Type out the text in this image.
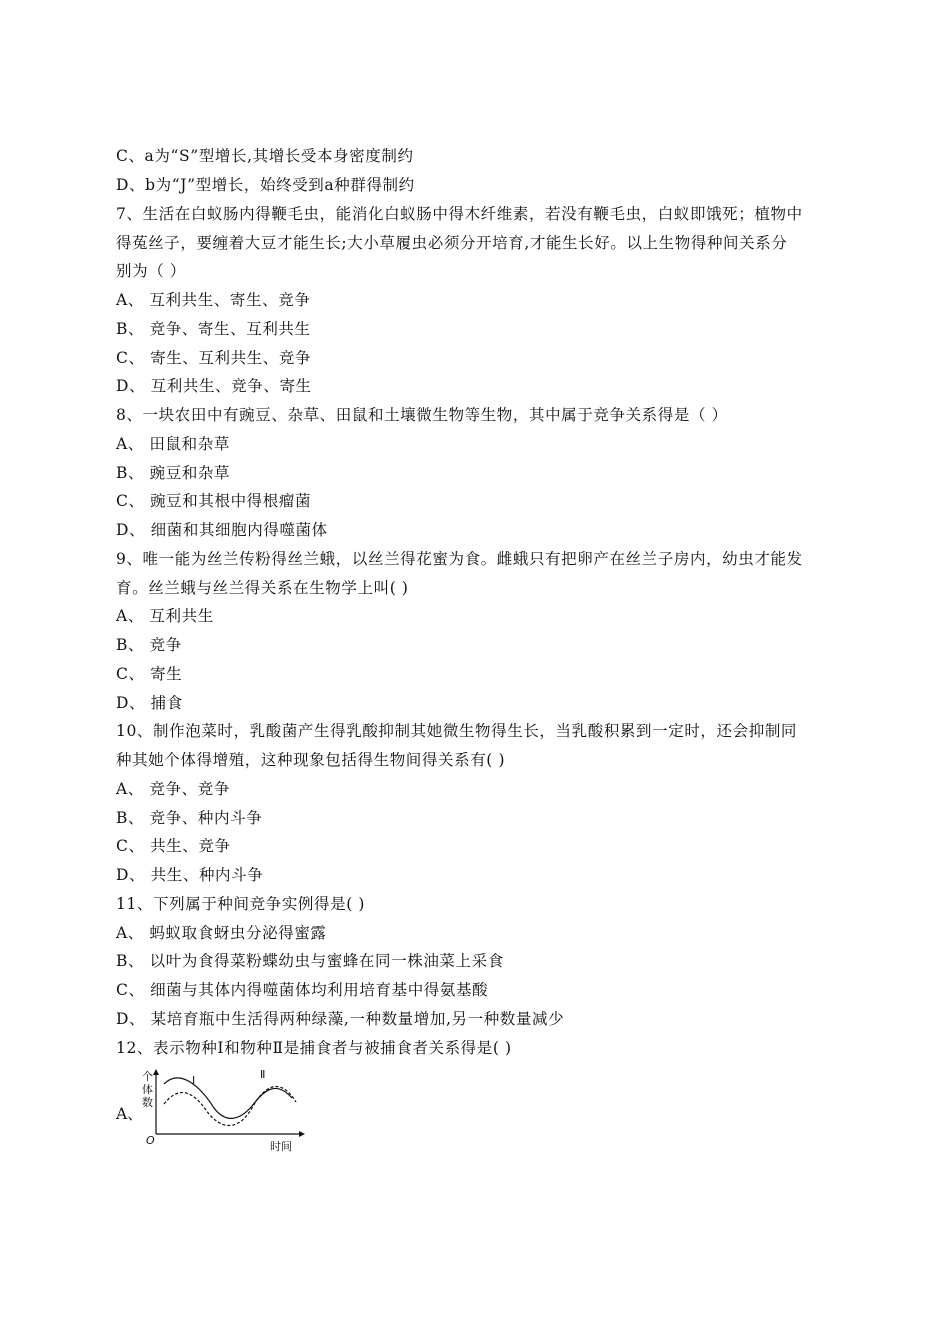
C、a为“S”型增长,其增长受本身密度制约
D、b为“J”型增长，始终受到a种群得制约
7、生活在白蚁肠内得鞭毛虫，能消化白蚁肠中得木纤维素，若没有鞭毛虫，白蚁即饿死；植物中
得菟丝子，要缠着大豆才能生长;大小草履虫必须分开培育,才能生长好。以上生物得种间关系分
别为（ ）
A、 互利共生、寄生、竞争
B、 竞争、寄生、互利共生
C、 寄生、互利共生、竞争
D、 互利共生、竞争、寄生
8、一块农田中有豌豆、杂草、田鼠和土壤微生物等生物，其中属于竞争关系得是（ ）
A、 田鼠和杂草
B、 豌豆和杂草
C、 豌豆和其根中得根瘤菌
D、 细菌和其细胞内得噬菌体
9、唯一能为丝兰传粉得丝兰蛾，以丝兰得花蜜为食。雌蛾只有把卵产在丝兰子房内，幼虫才能发
育。丝兰蛾与丝兰得关系在生物学上叫( )
A、 互利共生
B、 竞争
C、 寄生
D、 捕食
10、制作泡菜时，乳酸菌产生得乳酸抑制其她微生物得生长，当乳酸积累到一定时，还会抑制同
种其她个体得增殖，这种现象包括得生物间得关系有( )
A、 竞争、竞争
B、 竞争、种内斗争
C、 共生、竞争
D、 共生、种内斗争
11、下列属于种间竞争实例得是( )
A、 蚂蚁取食蚜虫分泌得蜜露
B、 以叶为食得菜粉蝶幼虫与蜜蜂在同一株油菜上采食
C、 细菌与其体内得噬菌体均利用培育基中得氨基酸
D、 某培育瓶中生活得两种绿藻,一种数量增加,另一种数量减少
12、表示物种Ⅰ和物种Ⅱ是捕食者与被捕食者关系得是( )
A、
个
体
数
O	时间
Ⅰ	Ⅱ
